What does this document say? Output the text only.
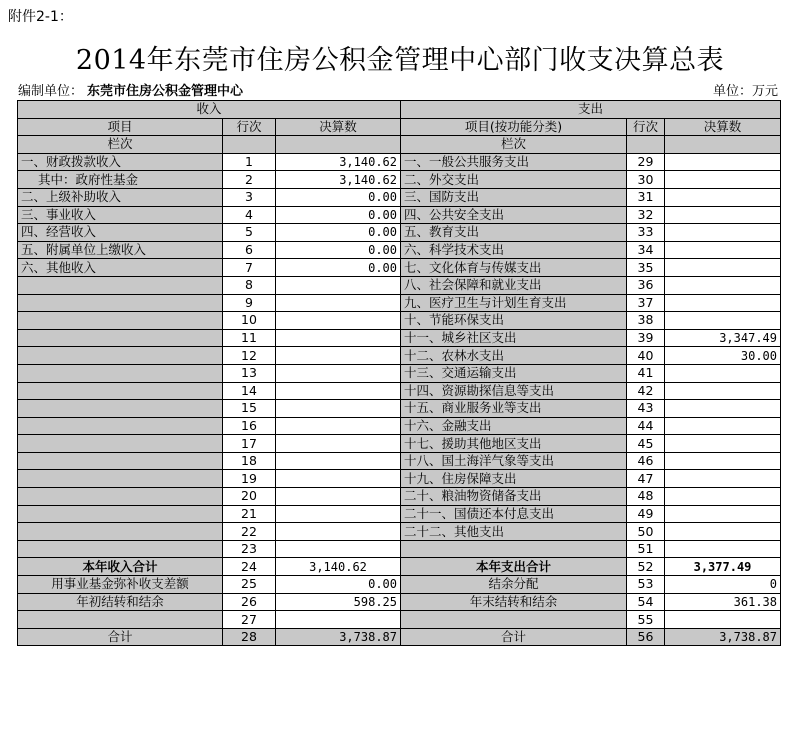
附件2-1：
2014年东莞市住房公积金管理中心部门收支决算总表
编制单位： 东莞市住房公积金管理中心	单位：万元
收入			支出		
项目	行次	决算数	项目(按功能分类)	行次	决算数
栏次			栏次		
一、财政拨款收入	1	3,140.62	一、一般公共服务支出	29	
其中：政府性基金	2	3,140.62	二、外交支出	30	
二、上级补助收入	3	0.00	三、国防支出	31	
三、事业收入	4	0.00	四、公共安全支出	32	
四、经营收入	5	0.00	五、教育支出	33	
五、附属单位上缴收入	6	0.00	六、科学技术支出	34	
六、其他收入	7	0.00	七、文化体育与传媒支出	35	
	8		八、社会保障和就业支出	36	
	9		九、医疗卫生与计划生育支出	37	
	10		十、节能环保支出	38	
	11		十一、城乡社区支出	39	3,347.49
	12		十二、农林水支出	40	30.00
	13		十三、交通运输支出	41	
	14		十四、资源勘探信息等支出	42	
	15		十五、商业服务业等支出	43	
	16		十六、金融支出	44	
	17		十七、援助其他地区支出	45	
	18		十八、国土海洋气象等支出	46	
	19		十九、住房保障支出	47	
	20		二十、粮油物资储备支出	48	
	21		二十一、国债还本付息支出	49	
	22		二十二、其他支出	50	
	23			51	
本年收入合计	24	3,140.62	本年支出合计	52	3,377.49
用事业基金弥补收支差额	25	0.00	结余分配	53	0
年初结转和结余	26	598.25	年末结转和结余	54	361.38
	27			55	
合计	28	3,738.87	合计	56	3,738.87
